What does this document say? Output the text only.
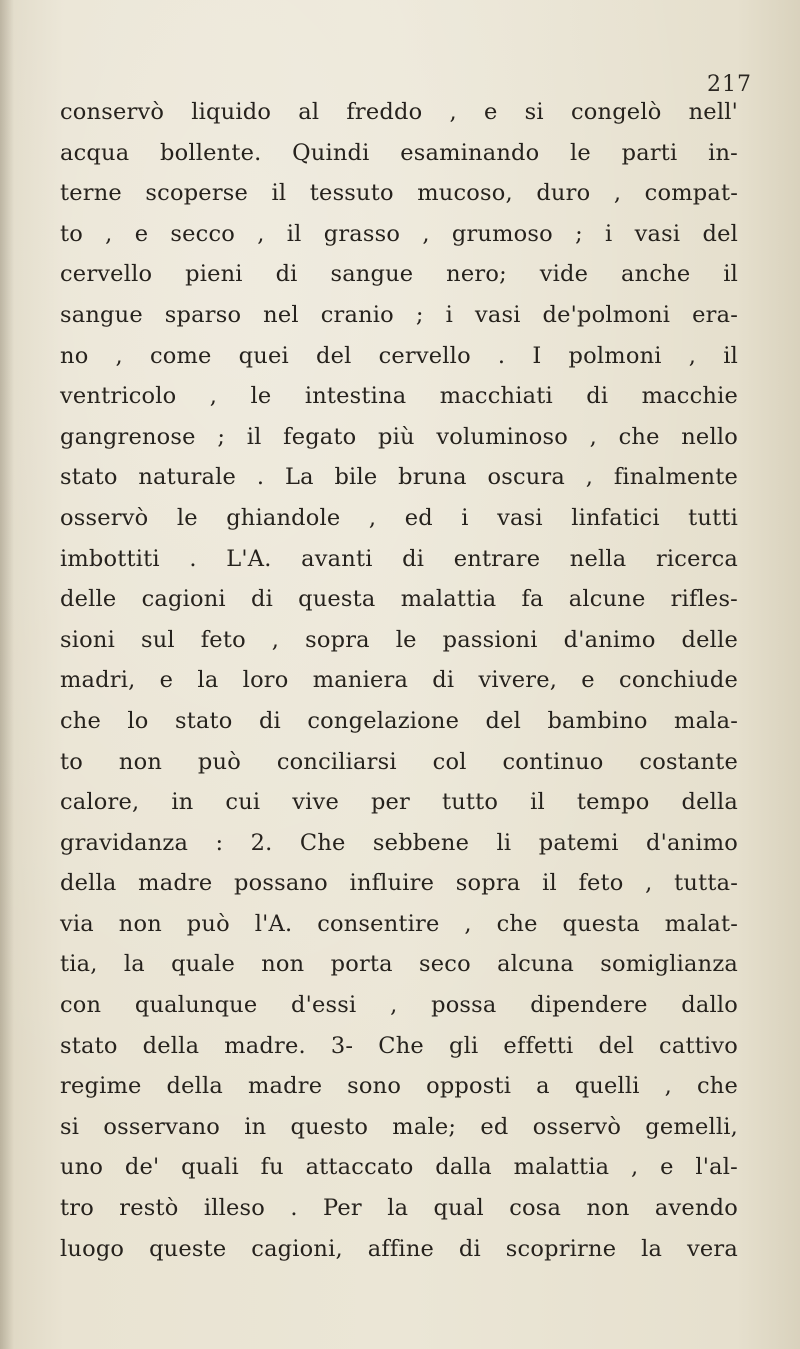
217
conservò liquido al freddo , e si congelò nell'
acqua bollente. Quindi esaminando le parti in-
terne scoperse il tessuto mucoso, duro , compat-
to , e secco , il grasso , grumoso ; i vasi del
cervello pieni di sangue nero; vide anche il
sangue sparso nel cranio ; i vasi de'polmoni era-
no , come quei del cervello . I polmoni , il
ventricolo , le intestina macchiati di macchie
gangrenose ; il fegato più voluminoso , che nello
stato naturale . La bile bruna oscura , finalmente
osservò le ghiandole , ed i vasi linfatici tutti
imbottiti . L'A. avanti di entrare nella ricerca
delle cagioni di questa malattia fa alcune rifles-
sioni sul feto , sopra le passioni d'animo delle
madri, e la loro maniera di vivere, e conchiude
che lo stato di congelazione del bambino mala-
to non può conciliarsi col continuo costante
calore, in cui vive per tutto il tempo della
gravidanza : 2. Che sebbene li patemi d'animo
della madre possano influire sopra il feto , tutta-
via non può l'A. consentire , che questa malat-
tia, la quale non porta seco alcuna somiglianza
con qualunque d'essi , possa dipendere dallo
stato della madre. 3- Che gli effetti del cattivo
regime della madre sono opposti a quelli , che
si osservano in questo male; ed osservò gemelli,
uno de' quali fu attaccato dalla malattia , e l'al-
tro restò illeso . Per la qual cosa non avendo
luogo queste cagioni, affine di scoprirne la vera
